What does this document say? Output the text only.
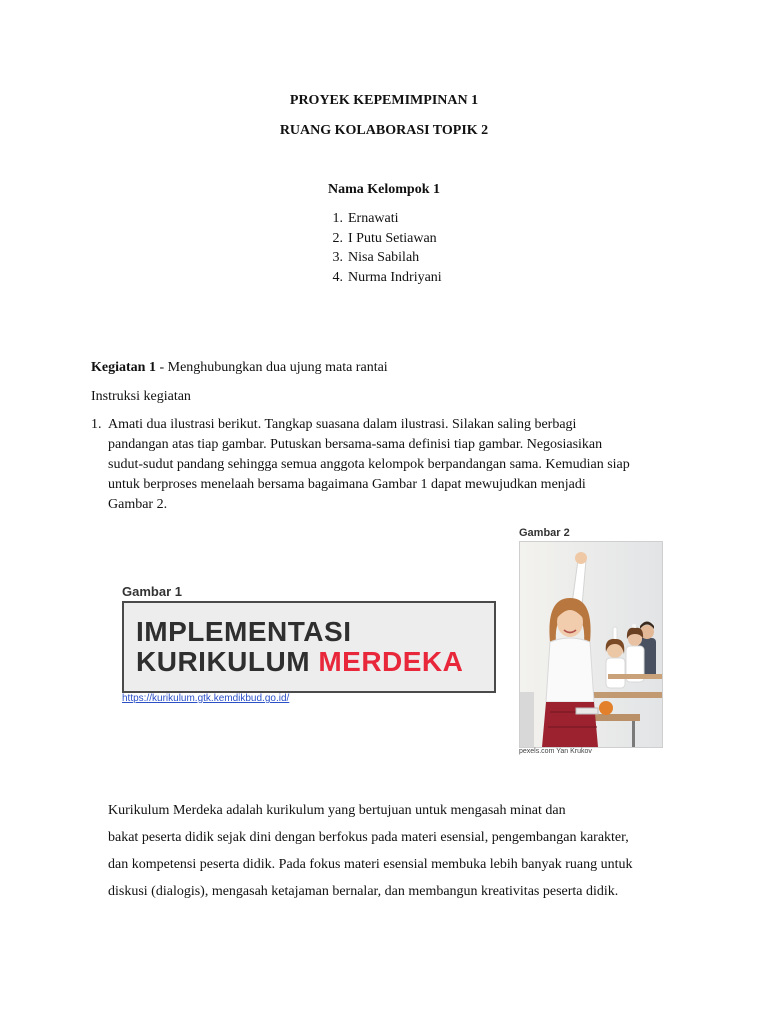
PROYEK KEPEMIMPINAN 1
RUANG KOLABORASI TOPIK 2
Nama Kelompok 1
1. Ernawati
2. I Putu Setiawan
3. Nisa Sabilah
4. Nurma Indriyani
Kegiatan 1 - Menghubungkan dua ujung mata rantai
Instruksi kegiatan
1. Amati dua ilustrasi berikut. Tangkap suasana dalam ilustrasi. Silakan saling berbagi
pandangan atas tiap gambar. Putuskan bersama-sama definisi tiap gambar. Negosiasikan
sudut-sudut pandang sehingga semua anggota kelompok berpandangan sama. Kemudian siap
untuk berproses menelaah bersama bagaimana Gambar 1 dapat mewujudkan menjadi
Gambar 2.
Gambar 1
IMPLEMENTASI
KURIKULUM MERDEKA
https://kurikulum.gtk.kemdikbud.go.id/
Gambar 2
pexels.com Yan Krukov
Kurikulum Merdeka adalah kurikulum yang bertujuan untuk mengasah minat dan
bakat peserta didik sejak dini dengan berfokus pada materi esensial, pengembangan karakter,
dan kompetensi peserta didik. Pada fokus materi esensial membuka lebih banyak ruang untuk
diskusi (dialogis), mengasah ketajaman bernalar, dan membangun kreativitas peserta didik.
